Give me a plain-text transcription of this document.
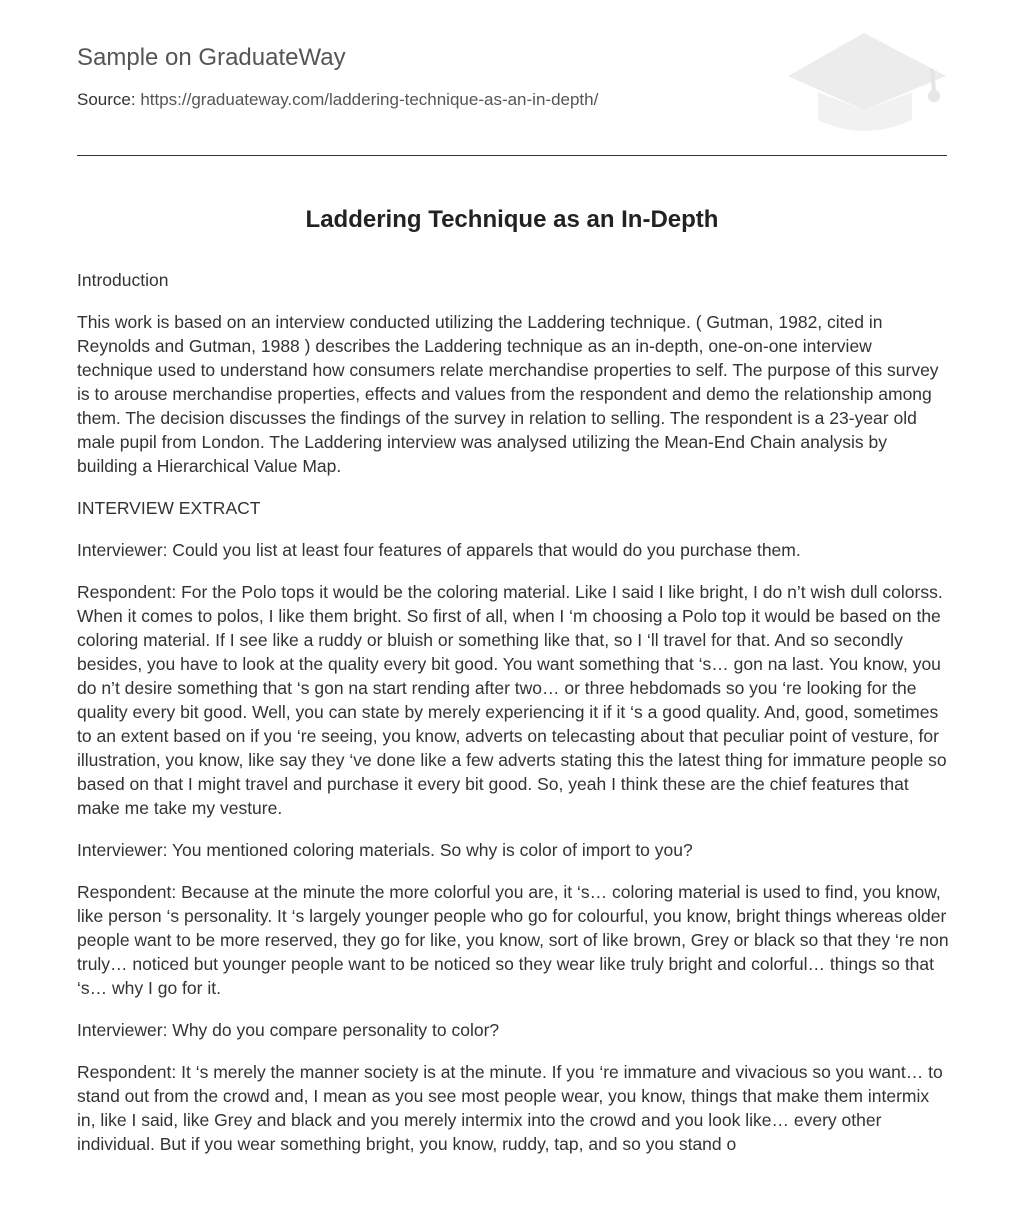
Sample on GraduateWay
Source: https://graduateway.com/laddering-technique-as-an-in-depth/
Laddering Technique as an In-Depth

Introduction

This work is based on an interview conducted utilizing the Laddering technique. ( Gutman, 1982, cited in Reynolds and Gutman, 1988 ) describes the Laddering technique as an in-depth, one-on-one interview technique used to understand how consumers relate merchandise properties to self. The purpose of this survey is to arouse merchandise properties, effects and values from the respondent and demo the relationship among them. The decision discusses the findings of the survey in relation to selling. The respondent is a 23-year old male pupil from London. The Laddering interview was analysed utilizing the Mean-End Chain analysis by building a Hierarchical Value Map.

INTERVIEW EXTRACT

Interviewer: Could you list at least four features of apparels that would do you purchase them.

Respondent: For the Polo tops it would be the coloring material. Like I said I like bright, I do n’t wish dull colorss. When it comes to polos, I like them bright. So first of all, when I ‘m choosing a Polo top it would be based on the coloring material. If I see like a ruddy or bluish or something like that, so I ‘ll travel for that. And so secondly besides, you have to look at the quality every bit good. You want something that ‘s… gon na last. You know, you do n’t desire something that ‘s gon na start rending after two… or three hebdomads so you ‘re looking for the quality every bit good. Well, you can state by merely experiencing it if it ‘s a good quality. And, good, sometimes to an extent based on if you ‘re seeing, you know, adverts on telecasting about that peculiar point of vesture, for illustration, you know, like say they ‘ve done like a few adverts stating this the latest thing for immature people so based on that I might travel and purchase it every bit good. So, yeah I think these are the chief features that make me take my vesture.

Interviewer: You mentioned coloring materials. So why is color of import to you?

Respondent: Because at the minute the more colorful you are, it ‘s… coloring material is used to find, you know, like person ‘s personality. It ‘s largely younger people who go for colourful, you know, bright things whereas older people want to be more reserved, they go for like, you know, sort of like brown, Grey or black so that they ‘re non truly… noticed but younger people want to be noticed so they wear like truly bright and colorful… things so that ‘s… why I go for it.

Interviewer: Why do you compare personality to color?

Respondent: It ‘s merely the manner society is at the minute. If you ‘re immature and vivacious so you want… to stand out from the crowd and, I mean as you see most people wear, you know, things that make them intermix in, like I said, like Grey and black and you merely intermix into the crowd and you look like… every other individual. But if you wear something bright, you know, ruddy, tap, and so you stand o
